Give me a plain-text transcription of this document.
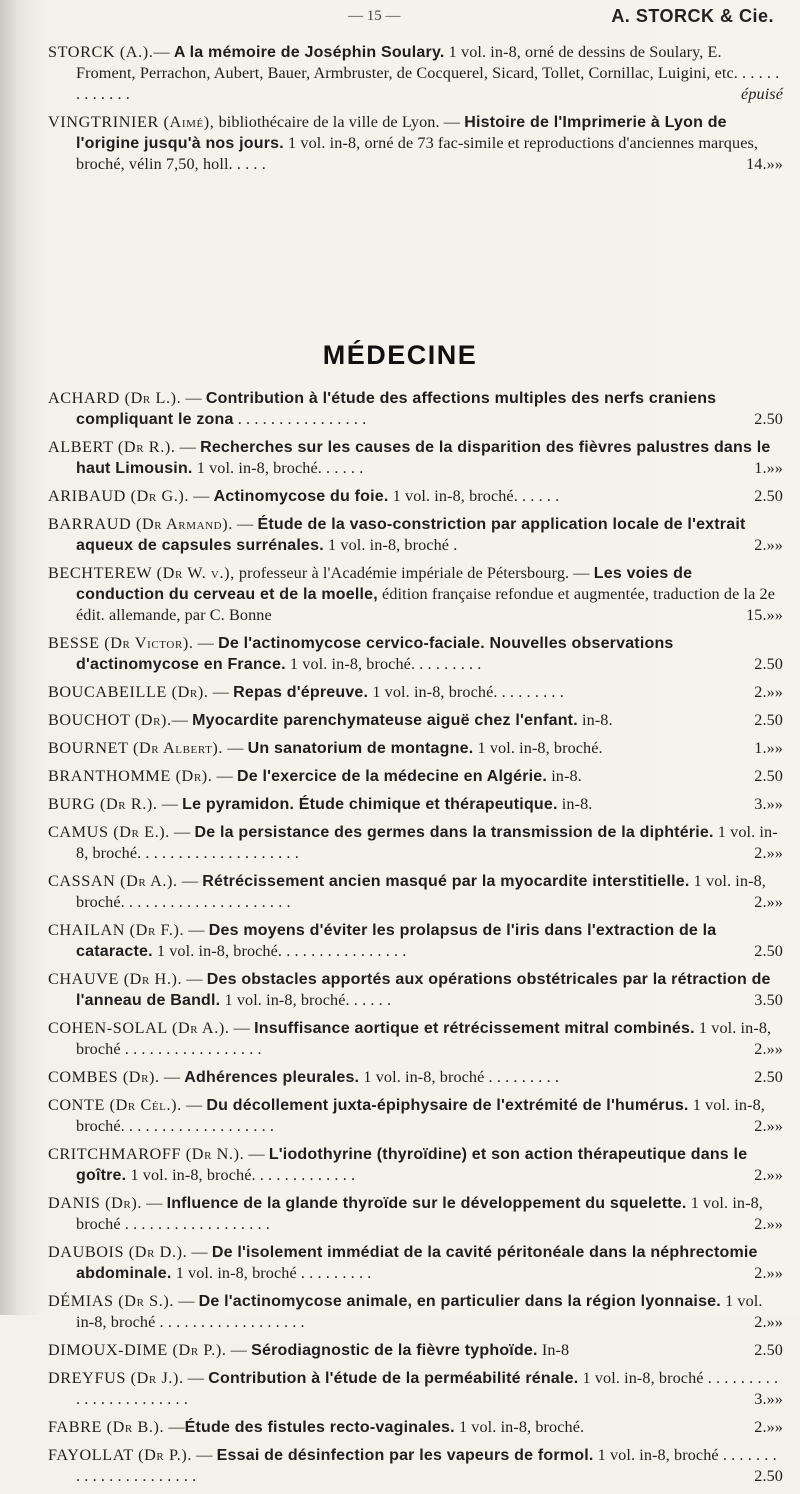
— 15 —	A. STORCK & Cie.
STORCK (A.).— A la mémoire de Joséphin Soulary. 1 vol. in-8, orné de dessins de Soulary, E. Froment, Perrachon, Aubert, Bauer, Armbruster, de Cocquerel, Sicard, Tollet, Cornillac, Luigini, etc. . . . . . . . . . . . .	épuisé
VINGTRINIER (Aimé), bibliothécaire de la ville de Lyon. — Histoire de l'Imprimerie à Lyon de l'origine jusqu'à nos jours. 1 vol. in-8, orné de 73 fac-simile et reproductions d'anciennes marques, broché, vélin 7,50, holl. . . . .	14.»»
MÉDECINE
ACHARD (Dr L.). — Contribution à l'étude des affections multiples des nerfs craniens compliquant le zona . . . . . . . . . . . . . . . .	2.50
ALBERT (Dr R.). — Recherches sur les causes de la disparition des fièvres palustres dans le haut Limousin. 1 vol. in-8, broché. . . . . .	1.»»
ARIBAUD (Dr G.). — Actinomycose du foie. 1 vol. in-8, broché. . . . . .	2.50
BARRAUD (Dr Armand). — Étude de la vaso-constriction par application locale de l'extrait aqueux de capsules surrénales. 1 vol. in-8, broché .	2.»»
BECHTEREW (Dr W. v.), professeur à l'Académie impériale de Pétersbourg. — Les voies de conduction du cerveau et de la moelle, édition française refondue et augmentée, traduction de la 2e édit. allemande, par C. Bonne	15.»»
BESSE (Dr Victor). — De l'actinomycose cervico-faciale. Nouvelles observations d'actinomycose en France. 1 vol. in-8, broché. . . . . . . . .	2.50
BOUCABEILLE (Dr). — Repas d'épreuve. 1 vol. in-8, broché. . . . . . . . .	2.»»
BOUCHOT (Dr).— Myocardite parenchymateuse aiguë chez l'enfant. in-8.	2.50
BOURNET (Dr Albert). — Un sanatorium de montagne. 1 vol. in-8, broché.	1.»»
BRANTHOMME (Dr). — De l'exercice de la médecine en Algérie. in-8.	2.50
BURG (Dr R.). — Le pyramidon. Étude chimique et thérapeutique. in-8.	3.»»
CAMUS (Dr E.). — De la persistance des germes dans la transmission de la diphtérie. 1 vol. in-8, broché. . . . . . . . . . . . . . . . . . . .	2.»»
CASSAN (Dr A.). — Rétrécissement ancien masqué par la myocardite interstitielle. 1 vol. in-8, broché. . . . . . . . . . . . . . . . . . . . .	2.»»
CHAILAN (Dr F.). — Des moyens d'éviter les prolapsus de l'iris dans l'extraction de la cataracte. 1 vol. in-8, broché. . . . . . . . . . . . . . . .	2.50
CHAUVE (Dr H.). — Des obstacles apportés aux opérations obstétricales par la rétraction de l'anneau de Bandl. 1 vol. in-8, broché. . . . . .	3.50
COHEN-SOLAL (Dr A.). — Insuffisance aortique et rétrécissement mitral combinés. 1 vol. in-8, broché . . . . . . . . . . . . . . . . .	2.»»
COMBES (Dr). — Adhérences pleurales. 1 vol. in-8, broché . . . . . . . . .	2.50
CONTE (Dr Cél.). — Du décollement juxta-épiphysaire de l'extrémité de l'humérus. 1 vol. in-8, broché. . . . . . . . . . . . . . . . . . .	2.»»
CRITCHMAROFF (Dr N.). — L'iodothyrine (thyroïdine) et son action thérapeutique dans le goître. 1 vol. in-8, broché. . . . . . . . . . . . .	2.»»
DANIS (Dr). — Influence de la glande thyroïde sur le développement du squelette. 1 vol. in-8, broché . . . . . . . . . . . . . . . . . .	2.»»
DAUBOIS (Dr D.). — De l'isolement immédiat de la cavité péritonéale dans la néphrectomie abdominale. 1 vol. in-8, broché . . . . . . . . .	2.»»
DÉMIAS (Dr S.). — De l'actinomycose animale, en particulier dans la région lyonnaise. 1 vol. in-8, broché . . . . . . . . . . . . . . . . . .	2.»»
DIMOUX-DIME (Dr P.). — Sérodiagnostic de la fièvre typhoïde. In-8	2.50
DREYFUS (Dr J.). — Contribution à l'étude de la perméabilité rénale. 1 vol. in-8, broché . . . . . . . . . . . . . . . . . . . . . . .	3.»»
FABRE (Dr B.). —Étude des fistules recto-vaginales. 1 vol. in-8, broché.	2.»»
FAYOLLAT (Dr P.). — Essai de désinfection par les vapeurs de formol. 1 vol. in-8, broché . . . . . . . . . . . . . . . . . . . . . .	2.50
